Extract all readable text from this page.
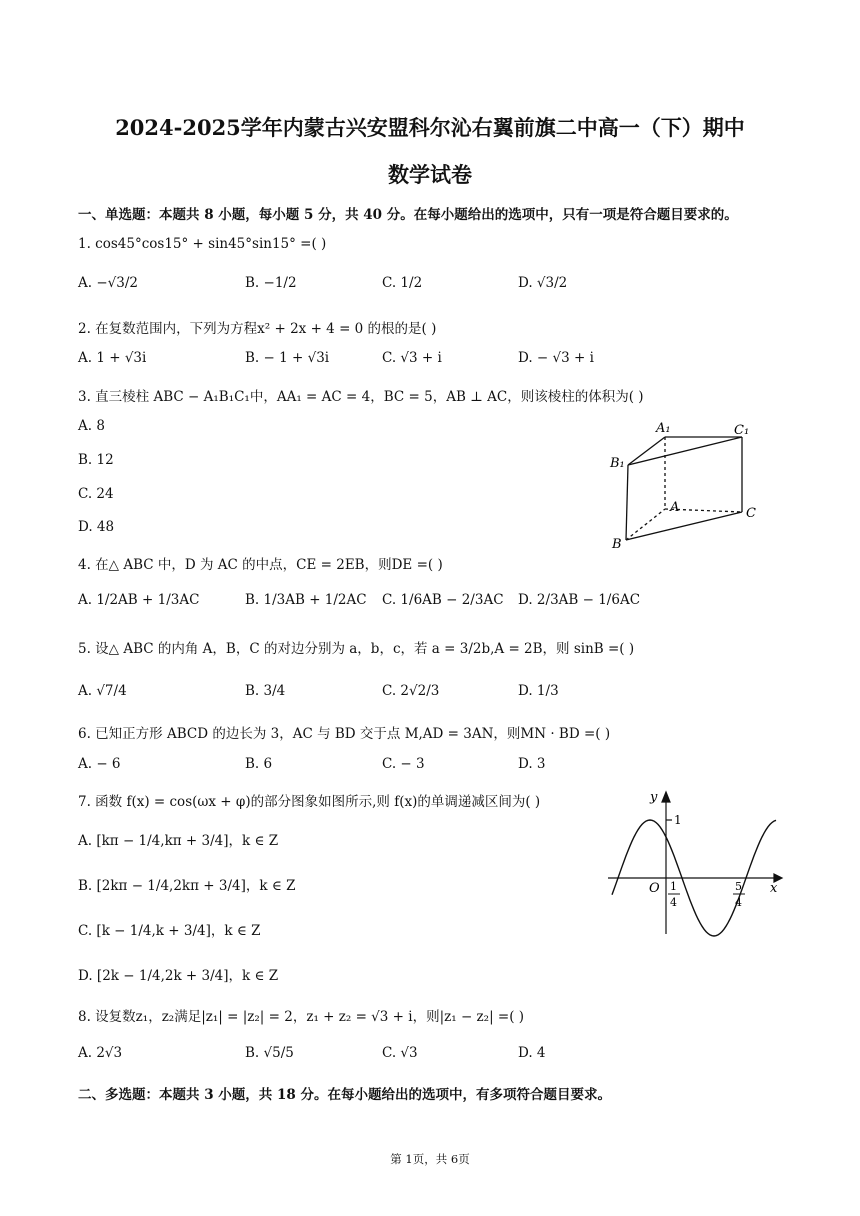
2024-2025学年内蒙古兴安盟科尔沁右翼前旗二中高一（下）期中
数学试卷
一、单选题：本题共 8 小题，每小题 5 分，共 40 分。在每小题给出的选项中，只有一项是符合题目要求的。
1. cos45°cos15° + sin45°sin15° =( )
A. −√3/2	B. −1/2	C. 1/2	D. √3/2
2. 在复数范围内，下列为方程x² + 2x + 4 = 0 的根的是( )
A. 1 + √3i	B. − 1 + √3i	C. √3 + i	D. − √3 + i
3. 直三棱柱 ABC − A₁B₁C₁中，AA₁ = AC = 4，BC = 5，AB ⊥ AC，则该棱柱的体积为( )
A. 8
B. 12
C. 24
D. 48
A₁	C₁
B₁
A	C
B
4. 在△ ABC 中，D 为 AC 的中点，CE = 2EB，则DE =( )
A. 1/2AB + 1/3AC	B. 1/3AB + 1/2AC C. 1/6AB − 2/3AC D. 2/3AB − 1/6AC
5. 设△ ABC 的内角 A，B，C 的对边分别为 a，b，c，若 a = 3/2b,A = 2B，则 sinB =( )
A. √7/4	B. 3/4	C. 2√2/3	D. 1/3
6. 已知正方形 ABCD 的边长为 3，AC 与 BD 交于点 M,AD = 3AN，则MN · BD =( )
A. − 6	B. 6	C. − 3	D. 3
7. 函数 f(x) = cos(ωx + φ)的部分图象如图所示,则 f(x)的单调递减区间为( )
A. [kπ − 1/4,kπ + 3/4]，k ∈ Z
B. [2kπ − 1/4,2kπ + 3/4]，k ∈ Z
C. [k − 1/4,k + 3/4]，k ∈ Z
D. [2k − 1/4,2k + 3/4]，k ∈ Z
y
x
O
1
1
4
5
4
8. 设复数z₁，z₂满足|z₁| = |z₂| = 2，z₁ + z₂ = √3 + i，则|z₁ − z₂| =( )
A. 2√3	B. √5/5	C. √3	D. 4
二、多选题：本题共 3 小题，共 18 分。在每小题给出的选项中，有多项符合题目要求。
第 1页，共 6页
